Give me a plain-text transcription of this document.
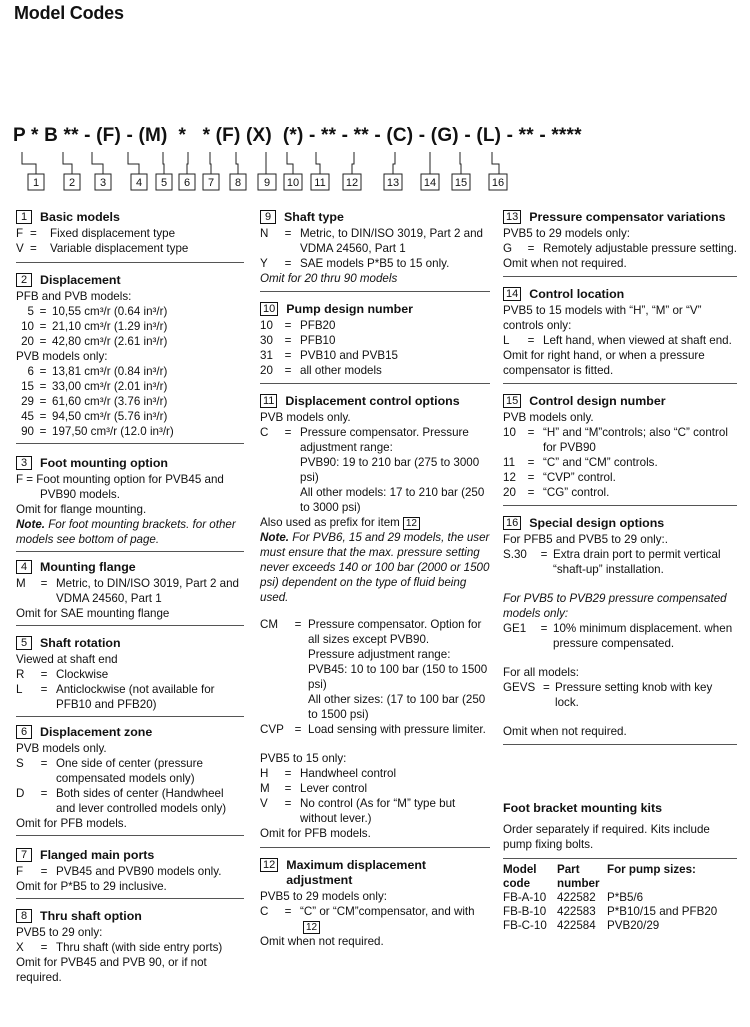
Model Codes
P * B ** - (F) - (M)  *   * (F) (X)  (*) - ** - ** - (C) - (G) - (L) - ** - ****
1	2 3	4 5 6 7 8 9 10 11 12	13 14 15 16
1	Basic models
F =	Fixed displacement type
V =	Variable displacement type
2	Displacement
PFB and PVB models:
5 = 10,55 cm³/r (0.64 in³/r)
10 = 21,10 cm³/r (1.29 in³/r)
20 = 42,80 cm³/r (2.61 in³/r)
PVB models only:
6 = 13,81 cm³/r (0.84 in³/r)
15 = 33,00 cm³/r (2.01 in³/r)
29 = 61,60 cm³/r (3.76 in³/r)
45 = 94,50 cm³/r (5.76 in³/r)
90 = 197,50 cm³/r (12.0 in³/r)
3	Foot mounting option
F = Foot mounting option for PVB45 and
PVB90 models.
Omit for flange mounting.
Note. For foot mounting brackets. for other models see bottom of page.
4	Mounting flange
M	= Metric, to DIN/ISO 3019, Part 2 and VDMA 24560, Part 1
Omit for SAE mounting flange
5	Shaft rotation
Viewed at shaft end
R	= Clockwise
L	= Anticlockwise (not available for PFB10 and PFB20)
6	Displacement zone
PVB models only.
S	= One side of center (pressure compensated models only)
D	= Both sides of center (Handwheel and lever controlled models only)
Omit for PFB models.
7	Flanged main ports
F	= PVB45 and PVB90 models only.
Omit for P*B5 to 29 inclusive.
8	Thru shaft option
PVB5 to 29 only:
X	= Thru shaft (with side entry ports)
Omit for PVB45 and PVB 90, or if not required.
9	Shaft type
N	= Metric, to DIN/ISO 3019, Part 2 and VDMA 24560, Part 1
Y	= SAE models P*B5 to 15 only.
Omit for 20 thru 90 models
10 Pump design number
10	= PFB20
30	= PFB10
31	= PVB10 and PVB15
20	= all other models
11 Displacement control options
PVB models only.
C	= Pressure compensator. Pressure adjustment range:
PVB90: 19 to 210 bar (275 to 3000 psi)
All other models: 17 to 210 bar (250 to 3000 psi)
Also used as prefix for item 12
Note. For PVB6, 15 and 29 models, the user must ensure that the max. pressure setting never exceeds 140 or 100 bar (2000 or 1500 psi) dependent on the type of fluid being used.
CM	= Pressure compensator. Option for all sizes except PVB90.
Pressure adjustment range:
PVB45: 10 to 100 bar (150 to 1500 psi)
All other sizes: (17 to 100 bar (250 to 1500 psi)
CVP = Load sensing with pressure limiter.
PVB5 to 15 only:
H	= Handwheel control
M	= Lever control
V	= No control (As for “M” type but without lever.)
Omit for PFB models.
12 Maximum displacement adjustment
PVB5 to 29 models only:
C	= “C” or “CM”compensator, and with12
Omit when not required.
13 Pressure compensator variations
PVB5 to 29 models only:
G	= Remotely adjustable pressure setting.
Omit when not required.
14 Control location
PVB5 to 15 models with “H”, “M” or “V” controls only:
L	= Left hand, when viewed at shaft end.
Omit for right hand, or when a pressure compensator is fitted.
15 Control design number
PVB models only.
10	= “H” and “M”controls; also “C” control for PVB90
11	= “C” and “CM” controls.
12	= “CVP” control.
20	= “CG” control.
16 Special design options
For PFB5 and PVB5 to 29 only:.
S.30	= Extra drain port to permit vertical “shaft-up” installation.
For PVB5 to PVB29 pressure compensated models only:
GE1	= 10% minimum displacement. when pressure compensated.
For all models:
GEVS = Pressure setting knob with key lock.
Omit when not required.
Foot bracket mounting kits
Order separately if required. Kits include pump fixing bolts.
Model code	Part number	For pump sizes:
FB-A-10	422582	P*B5/6
FB-B-10	422583	P*B10/15 and PFB20
FB-C-10	422584	PVB20/29
